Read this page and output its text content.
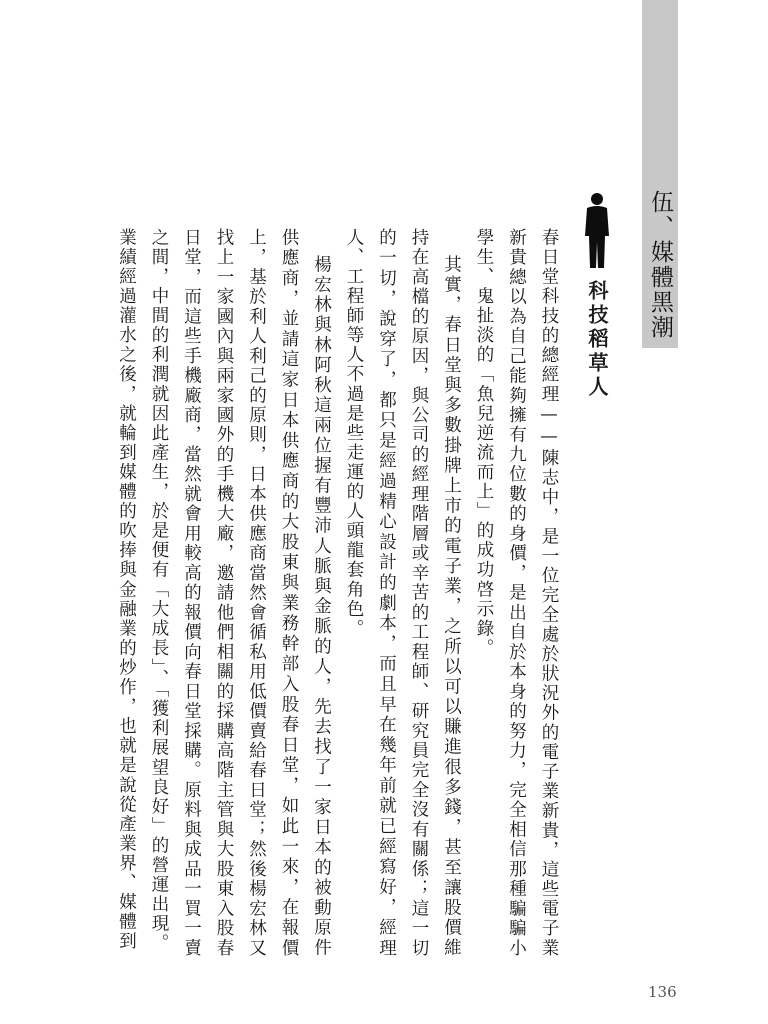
伍、媒體黑潮
科技稻草人

春日堂科技的總經理——陳志中，是一位完全處於狀況外的電子業新貴，這些電子業新貴總以為自己能夠擁有九位數的身價，是出自於本身的努力，完全相信那種騙騙小學生、鬼扯淡的「魚兒逆流而上」的成功啓示錄。

其實，春日堂與多數掛牌上市的電子業，之所以可以賺進很多錢，甚至讓股價維持在高檔的原因，與公司的經理階層或辛苦的工程師、研究員完全沒有關係；這一切的一切，說穿了，都只是經過精心設計的劇本，而且早在幾年前就已經寫好，經理人、工程師等人不過是些走運的人頭龍套角色。

楊宏林與林阿秋這兩位握有豐沛人脈與金脈的人，先去找了一家日本的被動原件供應商，並請這家日本供應商的大股東與業務幹部入股春日堂，如此一來，在報價上，基於利人利己的原則，日本供應商當然會循私用低價賣給春日堂；然後楊宏林又找上一家國內與兩家國外的手機大廠，邀請他們相關的採購高階主管與大股東入股春日堂，而這些手機廠商，當然就會用較高的報價向春日堂採購。原料與成品一買一賣之間，中間的利潤就因此產生，於是便有「大成長」、「獲利展望良好」的營運出現。

業績經過灌水之後，就輪到媒體的吹捧與金融業的炒作，也就是說從產業界、媒體到

136
